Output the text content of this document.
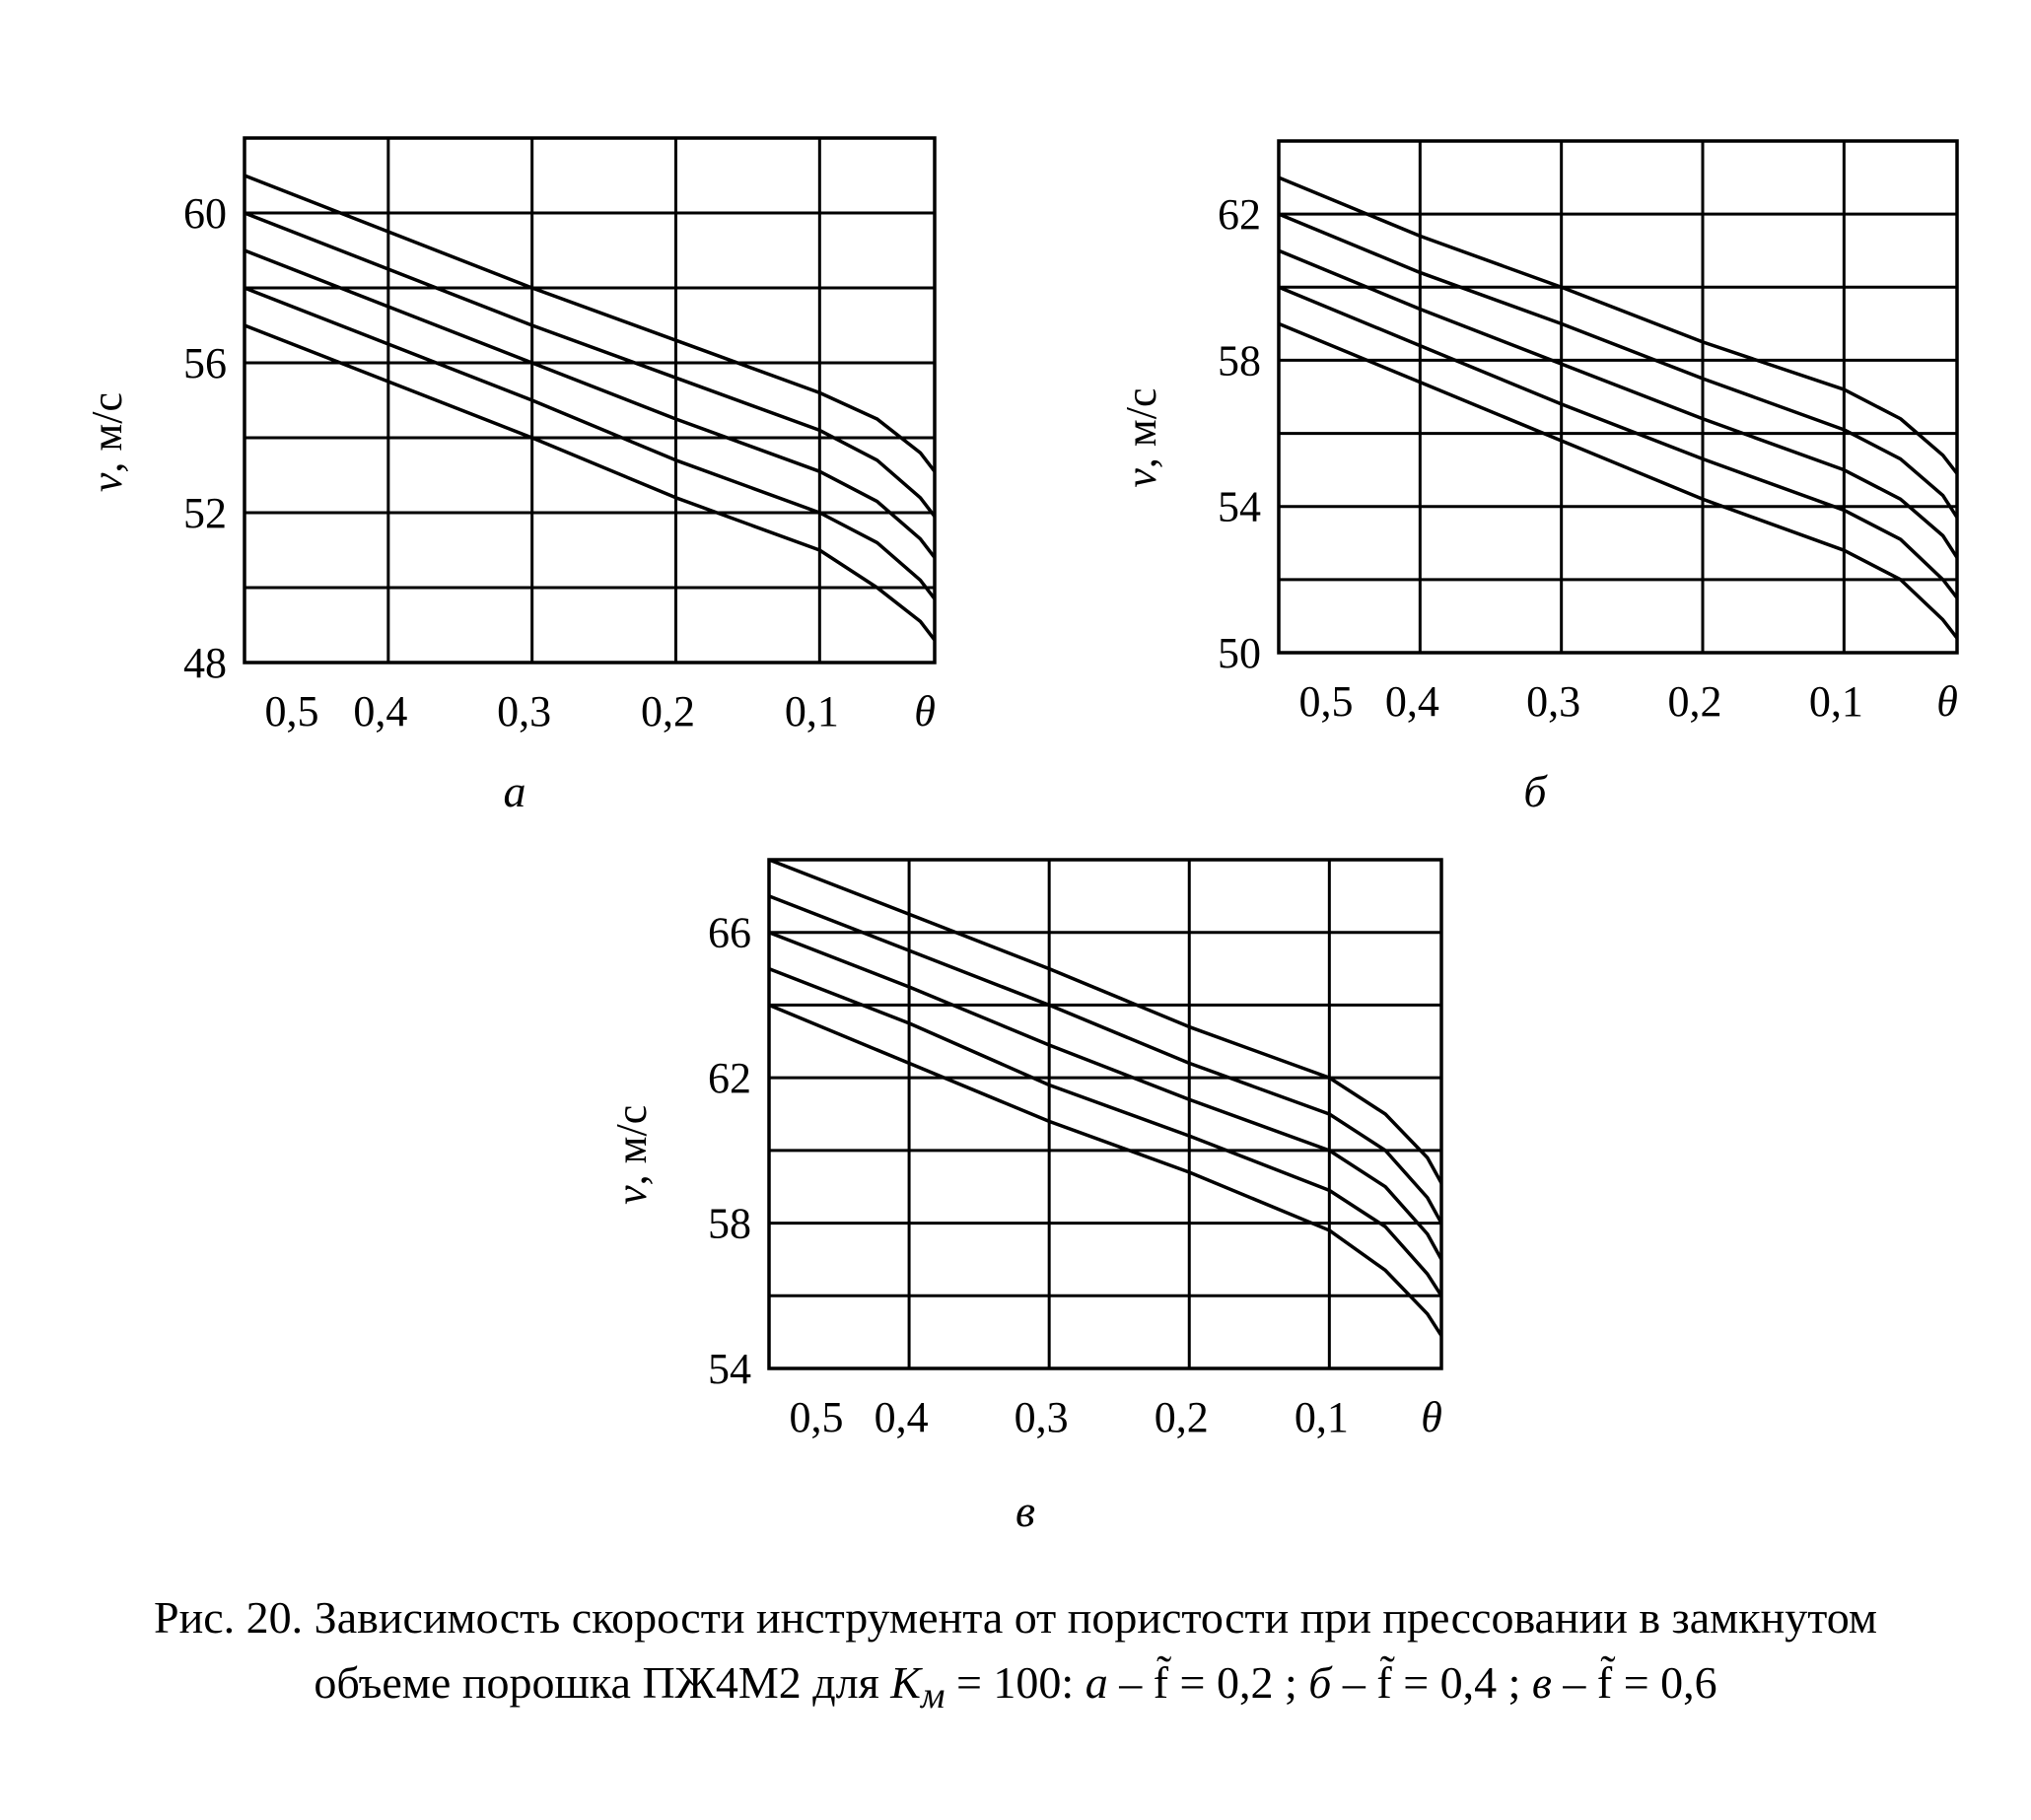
0,5 0,4 0,3 0,2 0,1 θ
60
56
52
48
v, м/с
а
0,5 0,4 0,3 0,2 0,1 θ
62
58
54
50
v, м/с
б
0,5 0,4 0,3 0,2 0,1 θ
66
62
58
54
v, м/с
в
Рис. 20. Зависимость скорости инструмента от пористости при прессовании в замкнутом
объеме порошка ПЖ4М2 для $K_м = 100$: а – f̃ = 0,2 ; б – f̃ = 0,4 ; в – f̃ = 0,6
